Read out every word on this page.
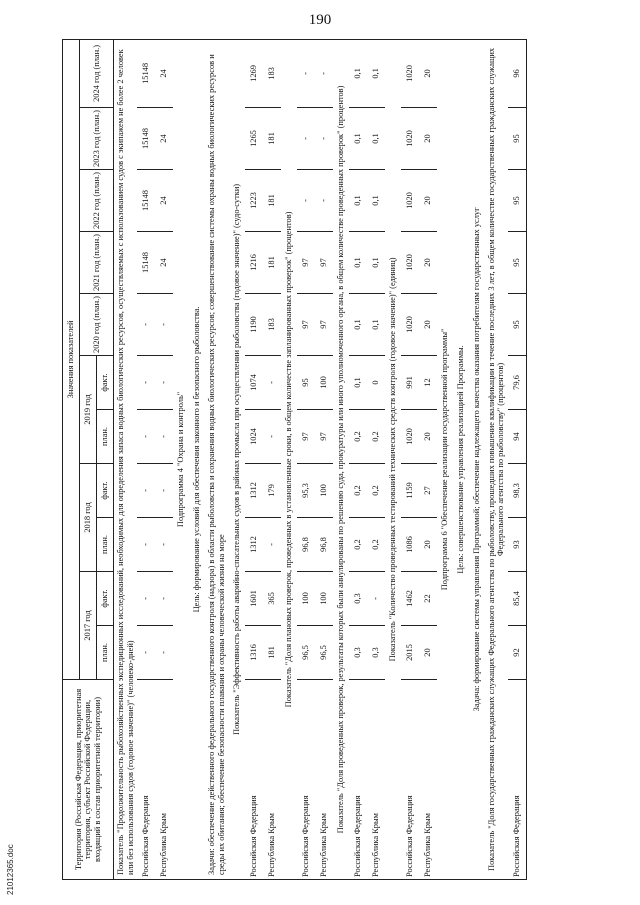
190
Территория (Российская Федерация, приоритетная территория, субъект Российской Федерации, входящий в состав приоритетной территории)	Значения показателей										
	2017 год		2018 год		2019 год		2020 год (план.)	2021 год (план.)	2022 год (план.)	2023 год (план.)	2024 год (план.)
	план.	факт.	план.	факт.	план.	факт.					
Показатель "Продолжительность рыбохозяйственных экспедиционных исследований, необходимых для определения запаса водных биологических ресурсов, осуществляемых с использованием судов с экипажем не более 2 человек или без использования судов (годовое значение)" (человеко-дней)											
Российская Федерация	-	-	-	-	-	-	-	15148	15148	15148	15148
Республика Крым	-	-	-	-	-	-	-	24	24	24	24
Подпрограмма 4 "Охрана и контроль"											
Цель: формирование условий для обеспечения законного и безопасного рыболовства.											
Задачи: обеспечение действенного федерального государственного контроля (надзора) в области рыболовства и сохранения водных биологических ресурсов; совершенствование системы охраны водных биологических ресурсов и среды их обитания; обеспечение безопасности плавания и охраны человеческой жизни на море											
Показатель "Эффективность работы аварийно-спасательных судов в районах промысла при осуществлении рыболовства (годовое значение)" (судо-сутки)											
Российская Федерация	1316	1601	1312	1312	1024	1074	1190	1216	1223	1265	1269
Республика Крым	181	365	-	179	-	-	183	181	181	181	183
Показатель "Доля плановых проверок, проведенных в установленные сроки, в общем количестве запланированных проверок" (процентов)											
Российская Федерация	96,5	100	96,8	95,3	97	95	97	97	-	-	-
Республика Крым	96,5	100	96,8	100	97	100	97	97	-	-	-
Показатель "Доля проведенных проверок, результаты которых были аннулированы по решению суда, прокуратуры или иного уполномоченного органа, в общем количестве проведенных проверок" (процентов)											
Российская Федерация	0,3	0,3	0,2	0,2	0,2	0,1	0,1	0,1	0,1	0,1	0,1
Республика Крым	0,3	-	0,2	0,2	0,2	0	0,1	0,1	0,1	0,1	0,1
Показатель "Количество проведенных тестирований технических средств контроля (годовое значение)" (единиц)											
Российская Федерация	2015	1462	1086	1159	1020	991	1020	1020	1020	1020	1020
Республика Крым	20	22	20	27	20	12	20	20	20	20	20
Подпрограмма 6 "Обеспечение реализации государственной программы"											
Цель: совершенствование управления реализацией Программы.											
Задача: формирование системы управления Программой; обеспечение надлежащего качества оказания потребителям государственных услуг											
Показатель "Доля государственных гражданских служащих Федерального агентства по рыболовству, прошедших повышение квалификации в течение последних 3 лет, в общем количестве государственных гражданских служащих Федерального агентства по рыболовству" (процентов)											
Российская Федерация	92	85,4	93	98,3	94	79,6	95	95	95	95	96
21012365.doc
